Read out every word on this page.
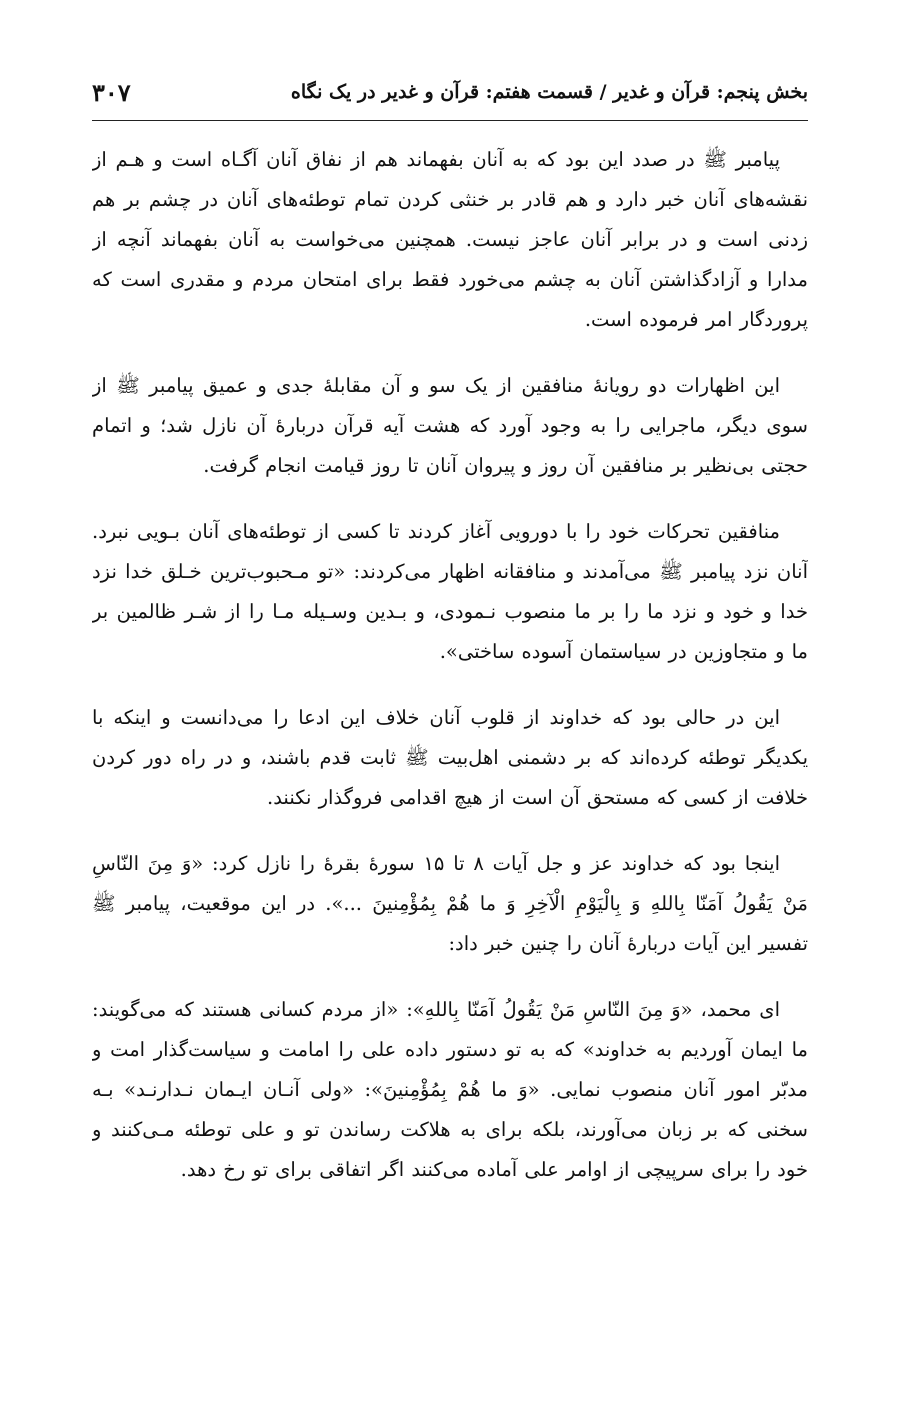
بخش پنجم: قرآن و غدیر / قسمت هفتم: قرآن و غدیر در یک نگاه
۳۰۷

پیامبر ﷺ در صدد این بود که به آنان بفهماند هم از نفاق آنان آگـاه است و هـم از نقشه‌های آنان خبر دارد و هم قادر بر خنثی کردن تمام توطئه‌های آنان در چشم بر هم زدنی است و در برابر آنان عاجز نیست. همچنین می‌خواست به آنان بفهماند آنچه از مدارا و آزادگذاشتن آنان به چشم می‌خورد فقط برای امتحان مردم و مقدری است که پروردگار امر فرموده است.

این اظهارات دو رویانهٔ منافقین از یک سو و آن مقابلهٔ جدی و عمیق پیامبر ﷺ از سوی دیگر، ماجرایی را به وجود آورد که هشت آیه قرآن دربارهٔ آن نازل شد؛ و اتمام حجتی بی‌نظیر بر منافقین آن روز و پیروان آنان تا روز قیامت انجام گرفت.

منافقین تحرکات خود را با دورویی آغاز کردند تا کسی از توطئه‌های آنان بـویی نبرد. آنان نزد پیامبر ﷺ می‌آمدند و منافقانه اظهار می‌کردند: «تو مـحبوب‌ترین خـلق خدا نزد خدا و خود و نزد ما را بر ما منصوب نـمودی، و بـدین وسـیله مـا را از شـر ظالمین بر ما و متجاوزین در سیاستمان آسوده ساختی».

این در حالی بود که خداوند از قلوب آنان خلاف این ادعا را می‌دانست و اینکه با یکدیگر توطئه کرده‌اند که بر دشمنی اهل‌بیت ﷺ ثابت قدم باشند، و در راه دور کردن خلافت از کسی که مستحق آن است از هیچ اقدامی فروگذار نکنند.

اینجا بود که خداوند عز و جل آیات ۸ تا ۱۵ سورهٔ بقرهٔ را نازل کرد: «وَ مِنَ النّاسِ مَنْ یَقُولُ آمَنّا بِاللهِ وَ بِالْیَوْمِ الْآخِرِ وَ ما هُمْ بِمُؤْمِنینَ ...». در این موقعیت، پیامبر ﷺ تفسیر این آیات دربارهٔ آنان را چنین خبر داد:

ای محمد، «وَ مِنَ النّاسِ مَنْ یَقُولُ آمَنّا بِاللهِ»: «از مردم کسانی هستند که می‌گویند: ما ایمان آوردیم به خداوند» که به تو دستور داده علی را امامت و سیاست‌گذار امت و مدبّر امور آنان منصوب نمایی. «وَ ما هُمْ بِمُؤْمِنینَ»: «ولی آنـان ایـمان نـدارنـد» بـه سخنی که بر زبان می‌آورند، بلکه برای به هلاکت رساندن تو و علی توطئه مـی‌کنند و خود را برای سرپیچی از اوامر علی آماده می‌کنند اگر اتفاقی برای تو رخ دهد.
